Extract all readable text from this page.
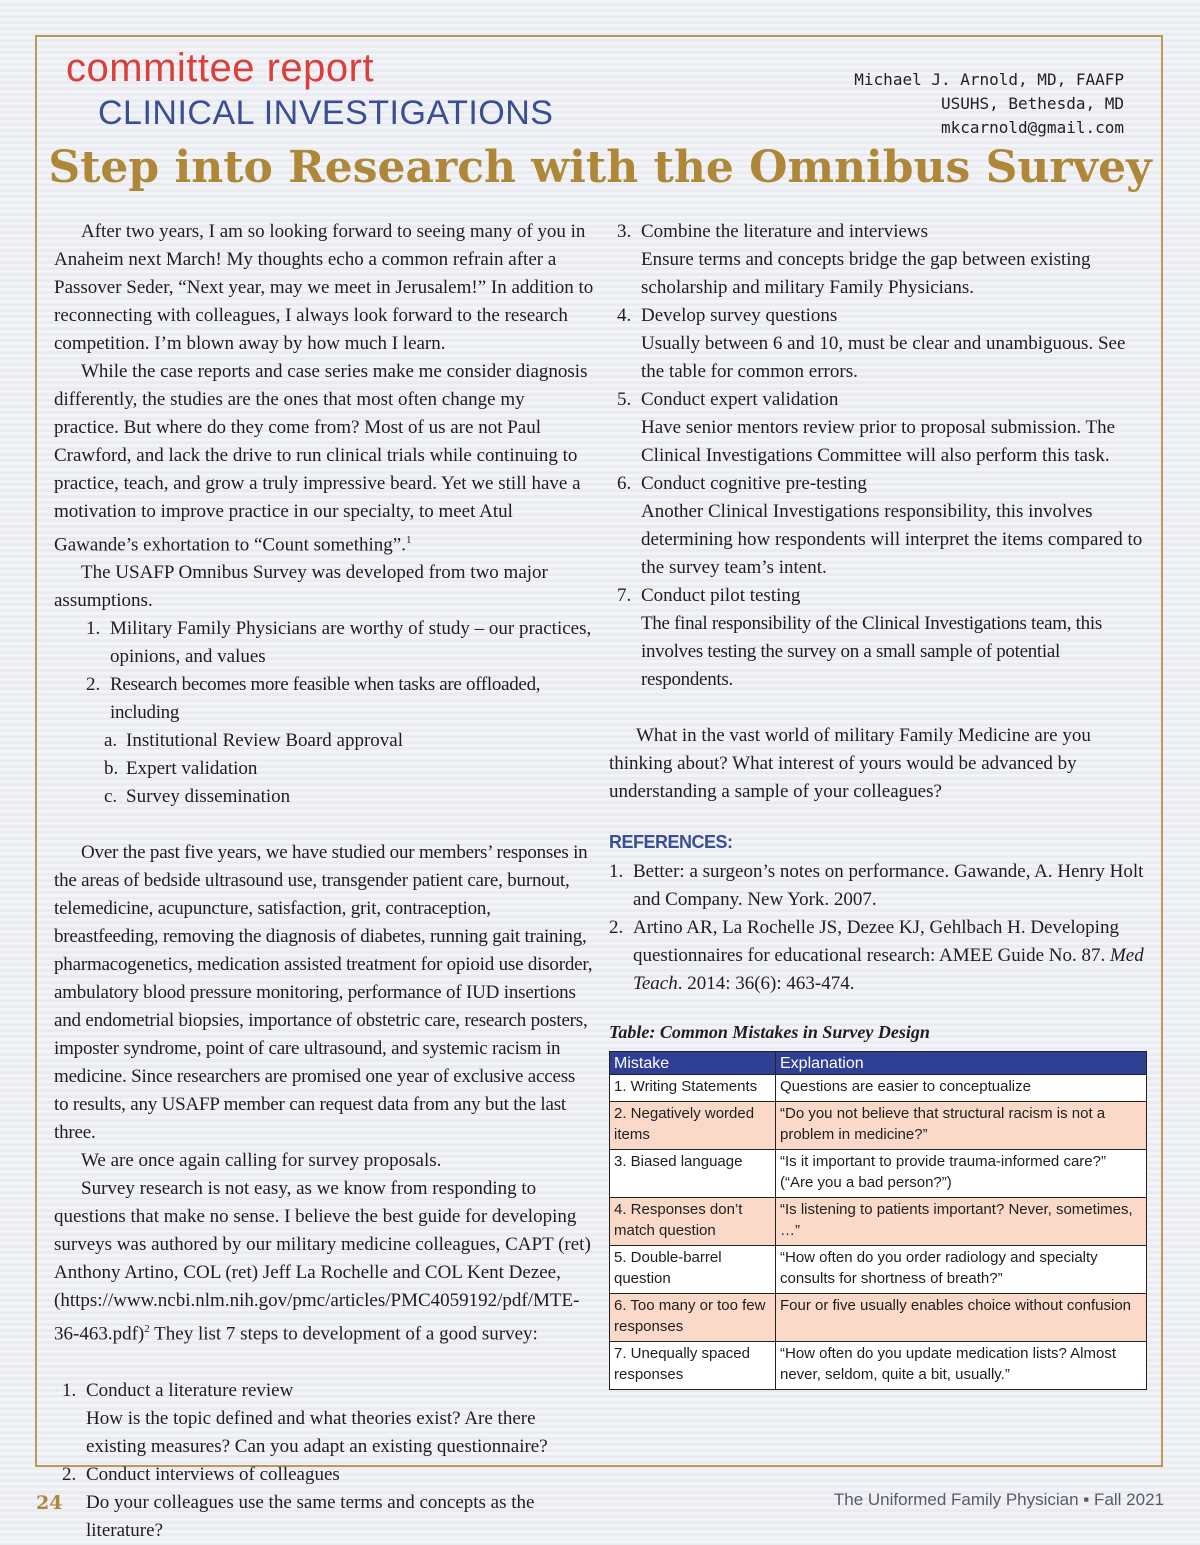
committee report
CLINICAL INVESTIGATIONS
Michael J. Arnold, MD, FAAFP
USUHS, Bethesda, MD
mkcarnold@gmail.com
Step into Research with the Omnibus Survey

After two years, I am so looking forward to seeing many of you in Anaheim next March! My thoughts echo a common refrain after a Passover Seder, “Next year, may we meet in Jerusalem!” In addition to reconnecting with colleagues, I always look forward to the research competition. I’m blown away by how much I learn.

While the case reports and case series make me consider diagnosis differently, the studies are the ones that most often change my practice. But where do they come from? Most of us are not Paul Crawford, and lack the drive to run clinical trials while continuing to practice, teach, and grow a truly impressive beard. Yet we still have a motivation to improve practice in our specialty, to meet Atul Gawande’s exhortation to “Count something”.$^1$

The USAFP Omnibus Survey was developed from two major assumptions.

1. Military Family Physicians are worthy of study – our practices, opinions, and values
2. Research becomes more feasible when tasks are offloaded, including
a. Institutional Review Board approval
b. Expert validation
c. Survey dissemination

Over the past five years, we have studied our members’ responses in the areas of bedside ultrasound use, transgender patient care, burnout, telemedicine, acupuncture, satisfaction, grit, contraception, breastfeeding, removing the diagnosis of diabetes, running gait training, pharmacogenetics, medication assisted treatment for opioid use disorder, ambulatory blood pressure monitoring, performance of IUD insertions and endometrial biopsies, importance of obstetric care, research posters, imposter syndrome, point of care ultrasound, and systemic racism in medicine. Since researchers are promised one year of exclusive access to results, any USAFP member can request data from any but the last three.

We are once again calling for survey proposals.

Survey research is not easy, as we know from responding to questions that make no sense. I believe the best guide for developing surveys was authored by our military medicine colleagues, CAPT (ret) Anthony Artino, COL (ret) Jeff La Rochelle and COL Kent Dezee, (https://www.ncbi.nlm.nih.gov/pmc/articles/PMC4059192/pdf/MTE-36-463.pdf)$^2$ They list 7 steps to development of a good survey:

1. Conduct a literature review
How is the topic defined and what theories exist? Are there existing measures? Can you adapt an existing questionnaire?
2. Conduct interviews of colleagues
Do your colleagues use the same terms and concepts as the literature?
3. Combine the literature and interviews
Ensure terms and concepts bridge the gap between existing scholarship and military Family Physicians.
4. Develop survey questions
Usually between 6 and 10, must be clear and unambiguous. See the table for common errors.
5. Conduct expert validation
Have senior mentors review prior to proposal submission. The Clinical Investigations Committee will also perform this task.
6. Conduct cognitive pre-testing
Another Clinical Investigations responsibility, this involves determining how respondents will interpret the items compared to the survey team’s intent.
7. Conduct pilot testing
The final responsibility of the Clinical Investigations team, this involves testing the survey on a small sample of potential respondents.

What in the vast world of military Family Medicine are you thinking about? What interest of yours would be advanced by understanding a sample of your colleagues?

REFERENCES:

1. Better: a surgeon’s notes on performance. Gawande, A. Henry Holt and Company. New York. 2007.
2. Artino AR, La Rochelle JS, Dezee KJ, Gehlbach H. Developing questionnaires for educational research: AMEE Guide No. 87. Med Teach. 2014: 36(6): 463-474.

Table: Common Mistakes in Survey Design

Mistake	Explanation
1. Writing Statements	Questions are easier to conceptualize
2. Negatively worded items	“Do you not believe that structural racism is not a problem in medicine?”
3. Biased language	“Is it important to provide trauma-informed care?” (“Are you a bad person?”)
4. Responses don’t match question	“Is listening to patients important? Never, sometimes, …”
5. Double-barrel question	“How often do you order radiology and specialty consults for shortness of breath?”
6. Too many or too few responses	Four or five usually enables choice without confusion
7. Unequally spaced responses	“How often do you update medication lists? Almost never, seldom, quite a bit, usually.”
24	The Uniformed Family Physician ▪ Fall 2021
